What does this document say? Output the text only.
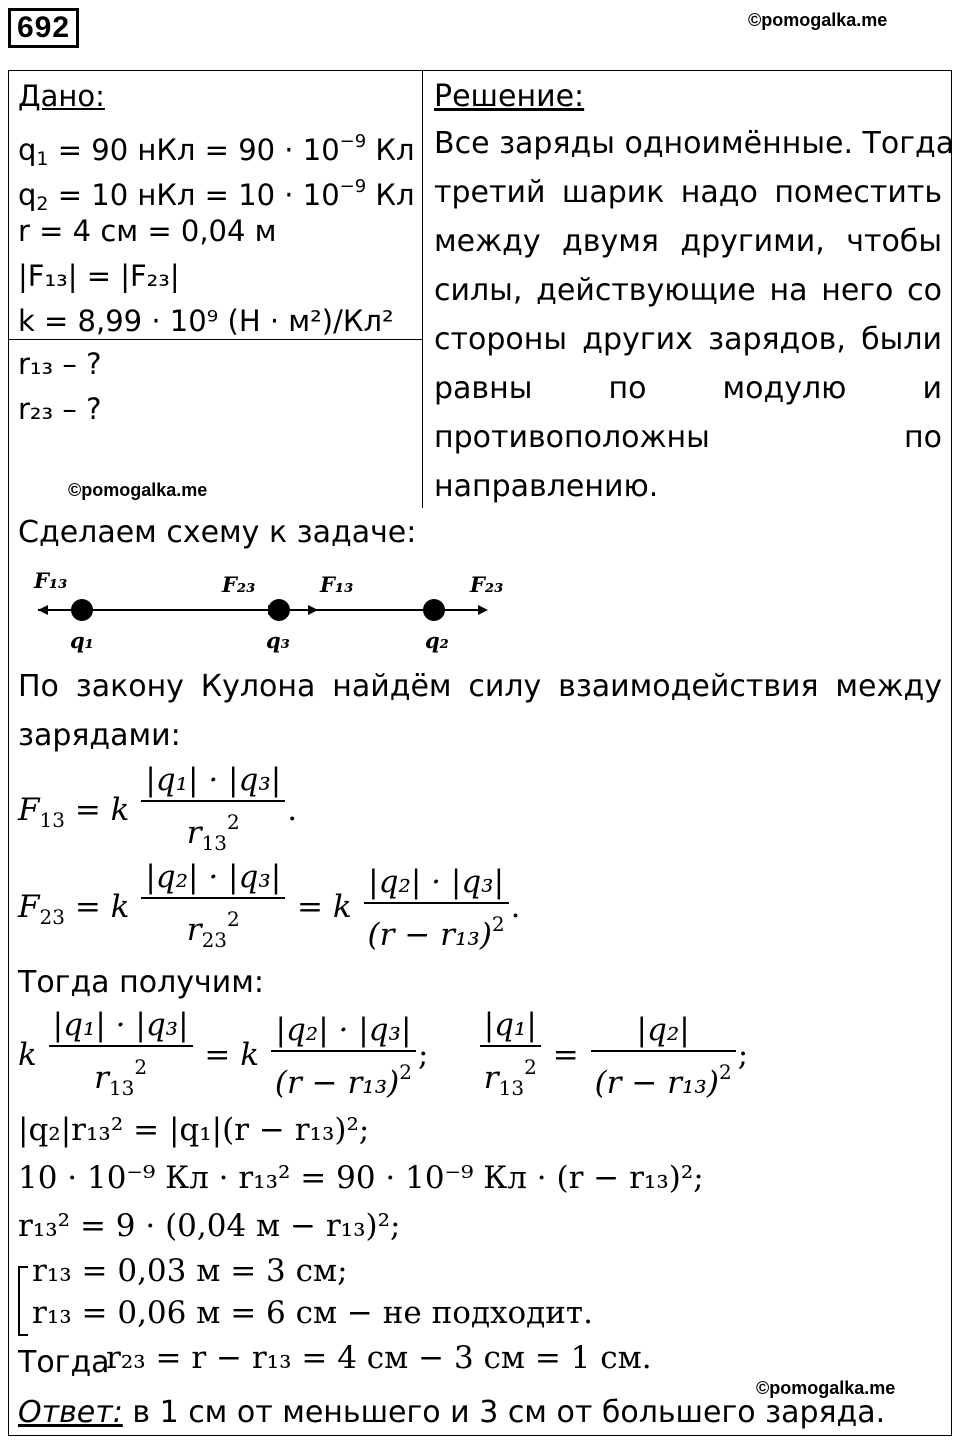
692	©pomogalka.me
Дано:
$q_1 = 90$ нКл = $90 \cdot 10^{-9}$ Кл
$q_2 = 10$ нКл = $10 \cdot 10^{-9}$ Кл
r = 4 см = 0,04 м
|F₁₃| = |F₂₃|
k = 8,99 · 10⁹ (Н · м²)/Кл²
r₁₃ – ?
r₂₃ – ?
©pomogalka.me
Решение:
Все заряды одноимённые. Тогда
третий шарик надо поместить
между двумя другими, чтобы
силы, действующие на него со
стороны других зарядов, были
равны по модулю и
противоположны по
направлению.
Сделаем схему к задаче:
F₁₃	F₂₃	F₁₃	F₂₃
q₁	q₃	q₂
По закону Кулона найдём силу взаимодействия между
зарядами:
$F_{13} = k \frac{\text{|q₁| · |q₃|}}{r_{13}^2}$ .
$F_{23} = k \frac{\text{|q₂| · |q₃|}}{r_{23}^2} = k \frac{\text{|q₂| · |q₃|}}{(r - r_{13})^2}$ .
Тогда получим:
k $\frac{\text{|q₁| · |q₃|}}{r_{13}^2} = k \frac{\text{|q₂| · |q₃|}}{(r - r_{13})^2}$ ; $\frac{\text{|q₁|}}{r_{13}^2} = \frac{\text{|q₂|}}{(r - r_{13})^2}$ ;
|q₂|r₁₃² = |q₁|(r − r₁₃)²;
10 · 10⁻⁹ Кл · r₁₃² = 90 · 10⁻⁹ Кл · (r − r₁₃)²;
r₁₃² = 9 · (0,04 м − r₁₃)²;
r₁₃ = 0,03 м = 3 см;
r₁₃ = 0,06 м = 6 см − не подходит.
Тогда
r₂₃ = r − r₁₃ = 4 см − 3 см = 1 см.
©pomogalka.me
Ответ: в 1 см от меньшего и 3 см от большего заряда.
